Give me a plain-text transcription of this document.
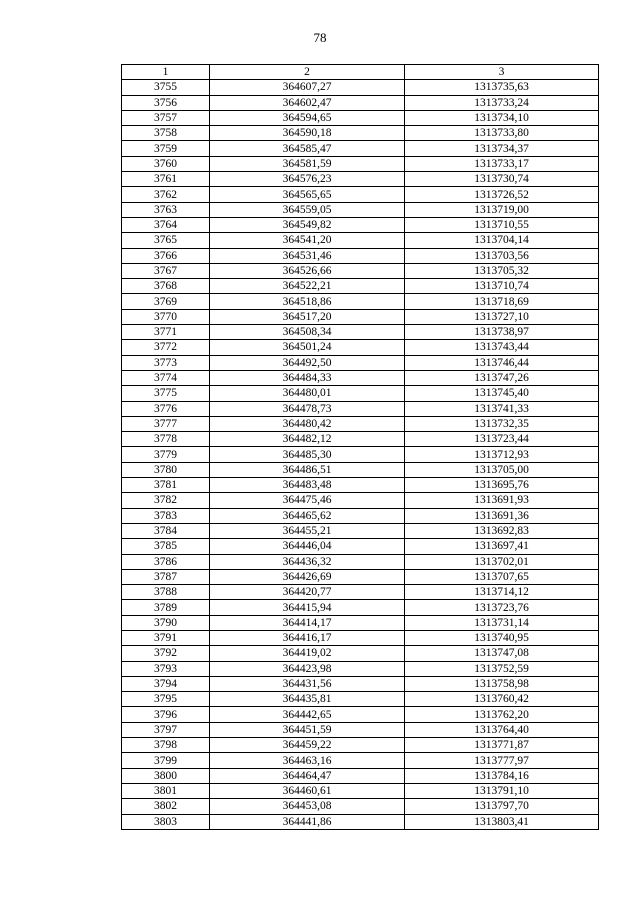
78
1	2	3
3755	364607,27	1313735,63
3756	364602,47	1313733,24
3757	364594,65	1313734,10
3758	364590,18	1313733,80
3759	364585,47	1313734,37
3760	364581,59	1313733,17
3761	364576,23	1313730,74
3762	364565,65	1313726,52
3763	364559,05	1313719,00
3764	364549,82	1313710,55
3765	364541,20	1313704,14
3766	364531,46	1313703,56
3767	364526,66	1313705,32
3768	364522,21	1313710,74
3769	364518,86	1313718,69
3770	364517,20	1313727,10
3771	364508,34	1313738,97
3772	364501,24	1313743,44
3773	364492,50	1313746,44
3774	364484,33	1313747,26
3775	364480,01	1313745,40
3776	364478,73	1313741,33
3777	364480,42	1313732,35
3778	364482,12	1313723,44
3779	364485,30	1313712,93
3780	364486,51	1313705,00
3781	364483,48	1313695,76
3782	364475,46	1313691,93
3783	364465,62	1313691,36
3784	364455,21	1313692,83
3785	364446,04	1313697,41
3786	364436,32	1313702,01
3787	364426,69	1313707,65
3788	364420,77	1313714,12
3789	364415,94	1313723,76
3790	364414,17	1313731,14
3791	364416,17	1313740,95
3792	364419,02	1313747,08
3793	364423,98	1313752,59
3794	364431,56	1313758,98
3795	364435,81	1313760,42
3796	364442,65	1313762,20
3797	364451,59	1313764,40
3798	364459,22	1313771,87
3799	364463,16	1313777,97
3800	364464,47	1313784,16
3801	364460,61	1313791,10
3802	364453,08	1313797,70
3803	364441,86	1313803,41
